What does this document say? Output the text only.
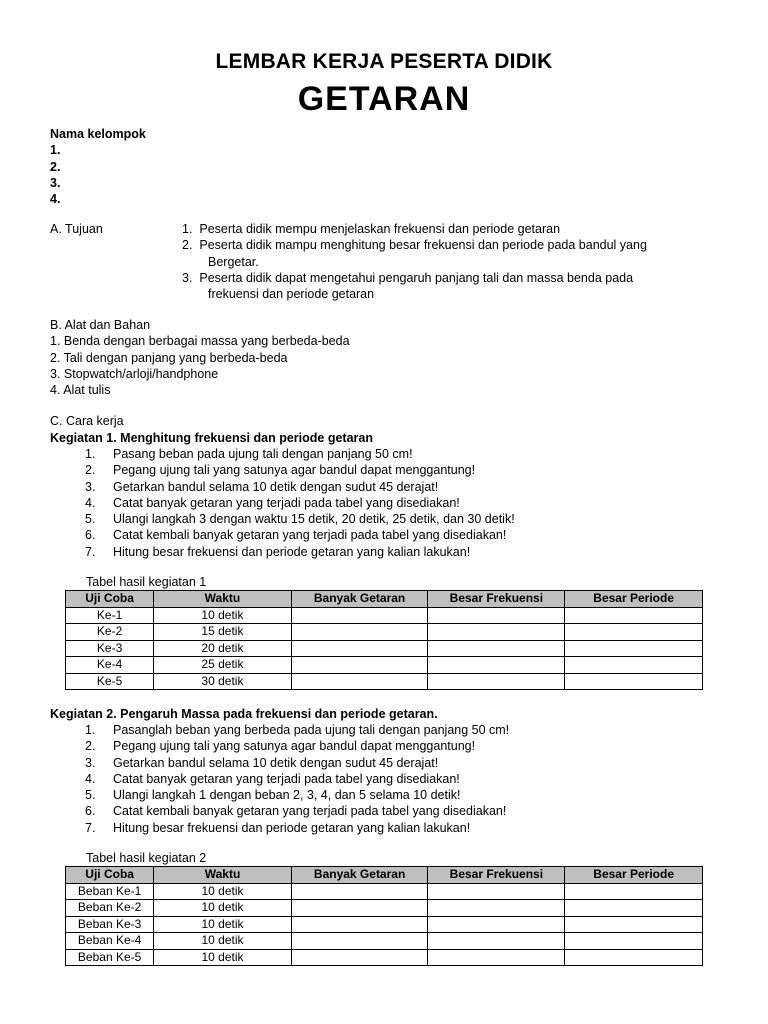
LEMBAR KERJA PESERTA DIDIK
GETARAN
Nama kelompok
1.
2.
3.
4.
A. Tujuan	1. Peserta didik mempu menjelaskan frekuensi dan periode getaran
2. Peserta didik mampu menghitung besar frekuensi dan periode pada bandul yang
Bergetar.
3. Peserta didik dapat mengetahui pengaruh panjang tali dan massa benda pada
frekuensi dan periode getaran
B. Alat dan Bahan
1. Benda dengan berbagai massa yang berbeda-beda
2. Tali dengan panjang yang berbeda-beda
3. Stopwatch/arloji/handphone
4. Alat tulis
C. Cara kerja
Kegiatan 1. Menghitung frekuensi dan periode getaran
1. Pasang beban pada ujung tali dengan panjang 50 cm!
2. Pegang ujung tali yang satunya agar bandul dapat menggantung!
3. Getarkan bandul selama 10 detik dengan sudut 45 derajat!
4. Catat banyak getaran yang terjadi pada tabel yang disediakan!
5. Ulangi langkah 3 dengan waktu 15 detik, 20 detik, 25 detik, dan 30 detik!
6. Catat kembali banyak getaran yang terjadi pada tabel yang disediakan!
7. Hitung besar frekuensi dan periode getaran yang kalian lakukan!
Tabel hasil kegiatan 1
Uji Coba	Waktu	Banyak Getaran	Besar Frekuensi	Besar Periode
Ke-1	10 detik			
Ke-2	15 detik			
Ke-3	20 detik			
Ke-4	25 detik			
Ke-5	30 detik			
Kegiatan 2. Pengaruh Massa pada frekuensi dan periode getaran.
1. Pasanglah beban yang berbeda pada ujung tali dengan panjang 50 cm!
2. Pegang ujung tali yang satunya agar bandul dapat menggantung!
3. Getarkan bandul selama 10 detik dengan sudut 45 derajat!
4. Catat banyak getaran yang terjadi pada tabel yang disediakan!
5. Ulangi langkah 1 dengan beban 2, 3, 4, dan 5 selama 10 detik!
6. Catat kembali banyak getaran yang terjadi pada tabel yang disediakan!
7. Hitung besar frekuensi dan periode getaran yang kalian lakukan!
Tabel hasil kegiatan 2
Uji Coba	Waktu	Banyak Getaran	Besar Frekuensi	Besar Periode
Beban Ke-1	10 detik			
Beban Ke-2	10 detik			
Beban Ke-3	10 detik			
Beban Ke-4	10 detik			
Beban Ke-5	10 detik			
